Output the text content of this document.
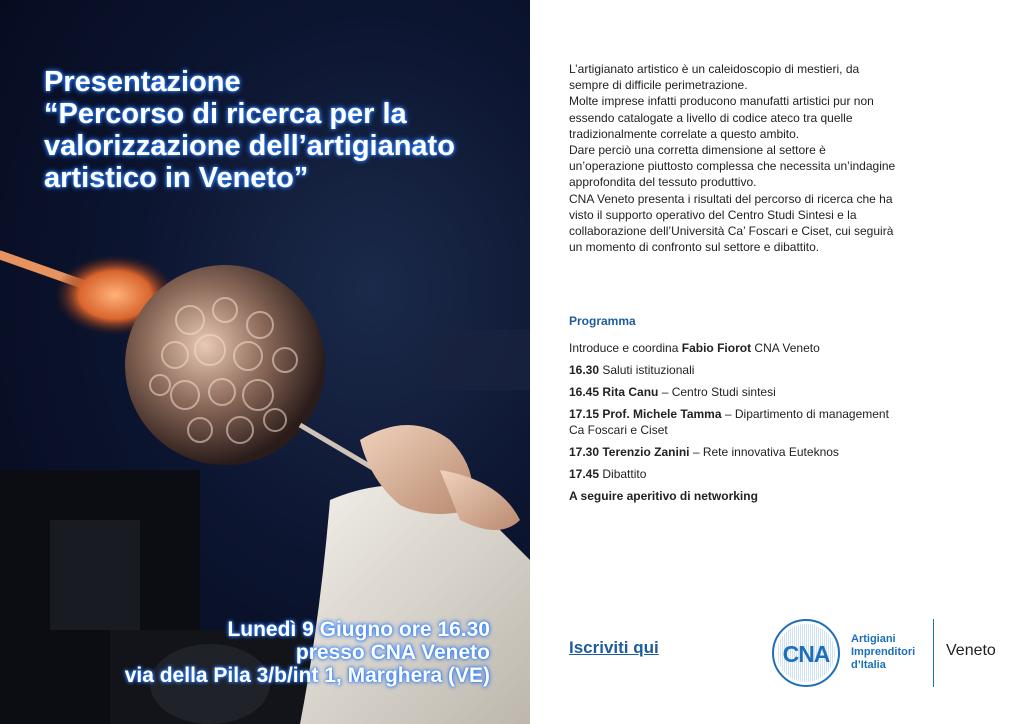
Presentazione
“Percorso di ricerca per la
valorizzazione dell’artigianato
artistico in Veneto”
Lunedì 9 Giugno ore 16.30
presso CNA Veneto
via della Pila 3/b/int 1, Marghera (VE)

L’artigianato artistico è un caleidoscopio di mestieri, da sempre di difficile perimetrazione.

Molte imprese infatti producono manufatti artistici pur non essendo catalogate a livello di codice ateco tra quelle tradizionalmente correlate a questo ambito.

Dare perciò una corretta dimensione al settore è un’operazione piuttosto complessa che necessita un’indagine approfondita del tessuto produttivo.

CNA Veneto presenta i risultati del percorso di ricerca che ha visto il supporto operativo del Centro Studi Sintesi e la collaborazione dell’Università Ca’ Foscari e Ciset, cui seguirà un momento di confronto sul settore e dibattito.

Programma
Introduce e coordina Fabio Fiorot CNA Veneto
16.30 Saluti istituzionali
16.45 Rita Canu – Centro Studi sintesi
17.15 Prof. Michele Tamma – Dipartimento di management Ca Foscari e Ciset
17.30 Terenzio Zanini – Rete innovativa Euteknos
17.45 Dibattito
A seguire aperitivo di networking
Iscriviti qui	CNA
Artigiani
Imprenditori
d’Italia
Veneto
